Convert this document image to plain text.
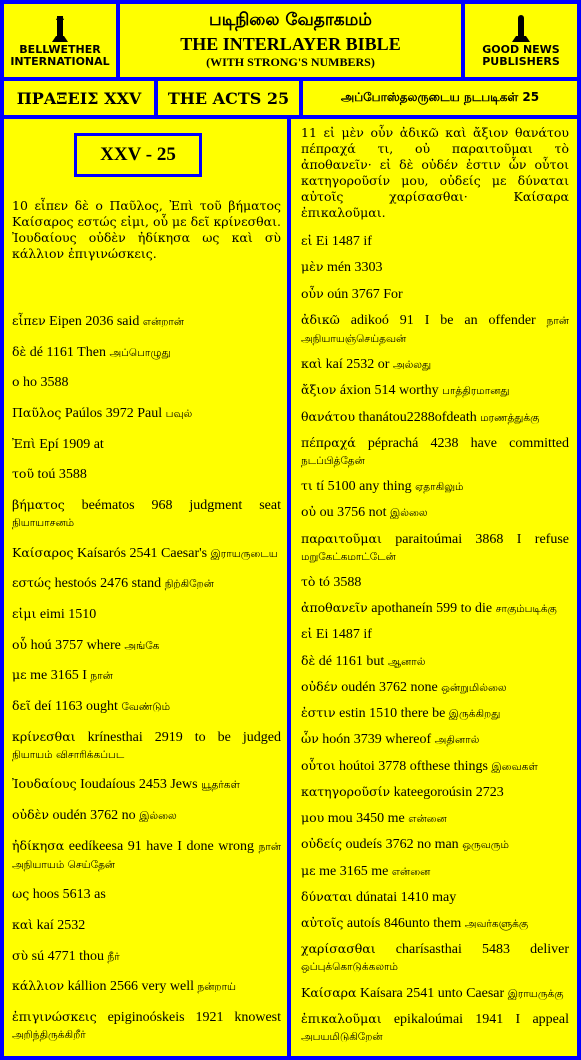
BELLWETHER INTERNATIONAL
படிநிலை வேதாகமம்
THE INTERLAYER BIBLE
(WITH STRONG'S NUMBERS)
GOOD NEWS PUBLISHERS
ΠΡΑΞΕΙΣ XXV	THE ACTS 25	அப்போஸ்தலருடைய நடபடிகள் 25
XXV - 25
10 εἶπεν δὲ ο Παῦλος, Ἐπὶ τοῦ βήματος Καίσαρος εστώς εἰμι, οὗ με δεῖ κρίνεσθαι. Ἰουδαίους οὐδὲν ἠδίκησα ως καὶ σὺ κάλλιον ἐπιγινώσκεις.
εἶπεν Eipen 2036 said என்றான்
δὲ dé 1161 Then அப்பொழுது
ο ho 3588
Παῦλος Paúlos 3972 Paul பவுல்
Ἐπὶ Epí 1909 at
τοῦ toú 3588
βήματος beématos 968 judgment seat நியாயாசனம்
Καίσαρος Kaísarós 2541 Caesar's இராயருடைய
εστώς hestoós 2476 stand நிற்கிறேன்
εἰμι eimi 1510
οὗ hoú 3757 where அங்கே
με me 3165 I நான்
δεῖ deí 1163 ought வேண்டும்
κρίνεσθαι krínesthai 2919 to be judged நியாயம் விசாரிக்கப்பட
Ἰουδαίους Ioudaíous 2453 Jews யூதர்கள்
οὐδὲν oudén 3762 no இல்லை
ἠδίκησα eedíkeesa 91 have I done wrong நான் அநியாயம் செய்தேன்
ως hoos 5613 as
καὶ kaí 2532
σὺ sú 4771 thou நீர்
κάλλιον kállion 2566 very well நன்றாய்
ἐπιγινώσκεις epiginoóskeis 1921 knowest அறிந்திருக்கிறீர்
11 εἰ μὲν οὖν ἀδικῶ καὶ ἄξιον θανάτου πέπραχά τι, οὐ παραιτοῦμαι τὸ ἀποθανεῖν· εἰ δὲ οὐδέν ἐστιν ὧν οὗτοι κατηγοροῦσίν μου, οὐδείς με δύναται αὐτοῖς χαρίσασθαι· Καίσαρα ἐπικαλοῦμαι.
εἰ Ei 1487 if
μὲν mén 3303
οὖν oún 3767 For
ἀδικῶ adikoó 91 I be an offender நான் அநியாயஞ்செய்தவன்
καὶ kaí 2532 or அல்லது
ἄξιον áxion 514 worthy பாத்திரமானது
θανάτου thanátou2288ofdeath மரணத்துக்கு
πέπραχά péprachá 4238 have committed நடப்பித்தேன்
τι tí 5100 any thing ஏதாகிலும்
οὐ ou 3756 not இல்லை
παραιτοῦμαι paraitoúmai 3868 I refuse மறுகேட்கமாட்டேன்
τὸ tó 3588
ἀποθανεῖν apothaneín 599 to die சாகும்படிக்கு
εἰ Ei 1487 if
δὲ dé 1161 but ஆனால்
οὐδέν oudén 3762 none ஒன்றுமில்லை
ἐστιν estin 1510 there be இருக்கிறது
ὧν hoón 3739 whereof அதினால்
οὗτοι hoútoi 3778 ofthese things இவைகள்
κατηγοροῦσίν kateegoroúsin 2723
μου mou 3450 me என்னை
οὐδείς oudeís 3762 no man ஒருவரும்
με me 3165 me என்னை
δύναται dúnatai 1410 may
αὐτοῖς autoís 846unto them அவர்களுக்கு
χαρίσασθαι charísasthai 5483 deliver ஒப்புக்கொடுக்கலாம்
Καίσαρα Kaísara 2541 unto Caesar இராயருக்கு
ἐπικαλοῦμαι epikaloúmai 1941 I appeal அபயமிடுகிறேன்
